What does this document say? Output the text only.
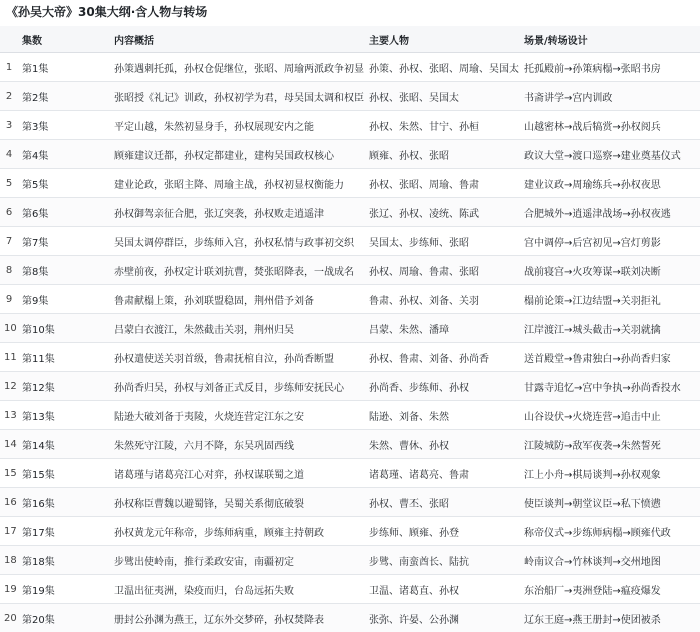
《孙吴大帝》30集大纲·含人物与转场
	集数	内容概括	主要人物	场景/转场设计
1	第1集	孙策遇刺托孤，孙权仓促继位，张昭、周瑜两派政争初显	孙策、孙权、张昭、周瑜、吴国太	托孤殿前→孙策病榻→张昭书房
2	第2集	张昭授《礼记》训政，孙权初学为君，母吴国太调和权臣	孙权、张昭、吴国太	书斋讲学→宫内训政
3	第3集	平定山越，朱然初显身手，孙权展现安内之能	孙权、朱然、甘宁、孙桓	山越密林→战后犒赏→孙权阅兵
4	第4集	顾雍建议迁都，孙权定都建业，建构吴国政权核心	顾雍、孙权、张昭	政议大堂→渡口巡察→建业奠基仪式
5	第5集	建业论政，张昭主降、周瑜主战，孙权初显权衡能力	孙权、张昭、周瑜、鲁肃	建业议政→周瑜练兵→孙权夜思
6	第6集	孙权御驾亲征合肥，张辽突袭，孙权败走逍遥津	张辽、孙权、凌统、陈武	合肥城外→逍遥津战场→孙权夜逃
7	第7集	吴国太调停群臣，步练师入宫，孙权私情与政事初交织	吴国太、步练师、张昭	宫中调停→后宫初见→宫灯剪影
8	第8集	赤壁前夜，孙权定计联刘抗曹，焚张昭降表，一战成名	孙权、周瑜、鲁肃、张昭	战前寝宫→火攻筹谋→联刘决断
9	第9集	鲁肃献榻上策，孙刘联盟稳固，荆州借予刘备	鲁肃、孙权、刘备、关羽	榻前论策→江边结盟→关羽拒礼
10	第10集	吕蒙白衣渡江，朱然截击关羽，荆州归吴	吕蒙、朱然、潘璋	江岸渡江→城头截击→关羽就擒
11	第11集	孙权遣使送关羽首级，鲁肃抚棺自泣，孙尚香断盟	孙权、鲁肃、刘备、孙尚香	送首殿堂→鲁肃独白→孙尚香归家
12	第12集	孙尚香归吴，孙权与刘备正式反目，步练师安抚民心	孙尚香、步练师、孙权	甘露寺追忆→宫中争执→孙尚香投水
13	第13集	陆逊大破刘备于夷陵，火烧连营定江东之安	陆逊、刘备、朱然	山谷设伏→火烧连营→追击中止
14	第14集	朱然死守江陵，六月不降，东吴巩固西线	朱然、曹休、孙权	江陵城防→敌军夜袭→朱然誓死
15	第15集	诸葛瑾与诸葛亮江心对弈，孙权谋联蜀之道	诸葛瑾、诸葛亮、鲁肃	江上小舟→棋局谈判→孙权观象
16	第16集	孙权称臣曹魏以避蜀锋，吴蜀关系彻底破裂	孙权、曹丕、张昭	使臣谈判→朝堂议臣→私下愤懑
17	第17集	孙权黄龙元年称帝，步练师病重，顾雍主持朝政	步练师、顾雍、孙登	称帝仪式→步练师病榻→顾雍代政
18	第18集	步骘出使岭南，推行柔政安宙，南疆初定	步骘、南蛮酋长、陆抗	岭南议合→竹林谈判→交州地图
19	第19集	卫温出征夷洲，染疫而归，台岛远拓失败	卫温、诸葛直、孙权	东治船厂→夷洲登陆→瘟疫爆发
20	第20集	册封公孙渊为燕王，辽东外交梦碎，孙权焚降表	张弥、许晏、公孙渊	辽东王庭→燕王册封→使团被杀
